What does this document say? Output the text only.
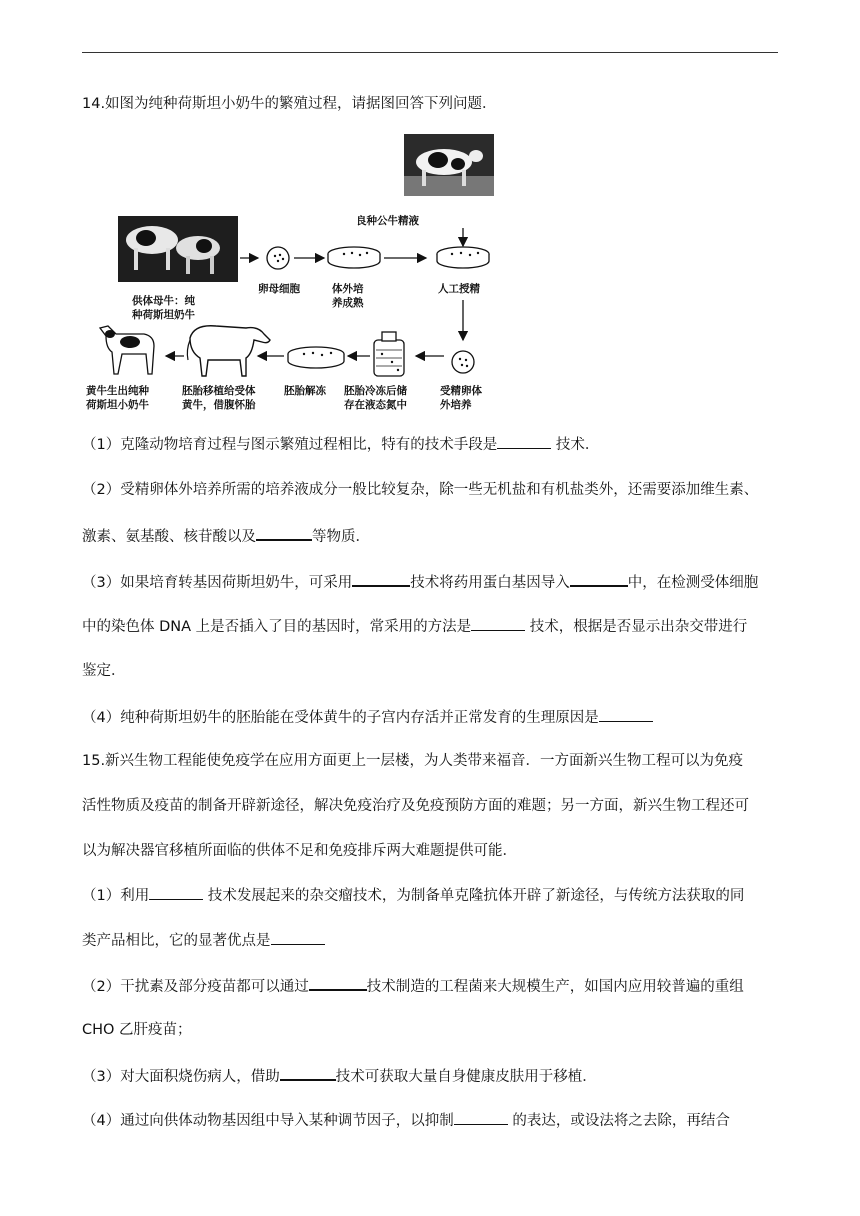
14.如图为纯种荷斯坦小奶牛的繁殖过程，请据图回答下列问题．
良种公牛精液
供体母牛：纯
种荷斯坦奶牛
卵母细胞	体外培
养成熟
人工授精
受精卵体
外培养
胚胎冷冻后储
存在液态氮中
胚胎解冻
胚胎移植给受体
黄牛，借腹怀胎
黄牛生出纯种
荷斯坦小奶牛
（1）克隆动物培育过程与图示繁殖过程相比，特有的技术手段是	技术．
（2）受精卵体外培养所需的培养液成分一般比较复杂，除一些无机盐和有机盐类外，还需要添加维生素、
激素、氨基酸、核苷酸以及	等物质．
（3）如果培育转基因荷斯坦奶牛，可采用	技术将药用蛋白基因导入	中，在检测受体细胞
中的染色体 DNA 上是否插入了目的基因时，常采用的方法是	技术，根据是否显示出杂交带进行
鉴定．
（4）纯种荷斯坦奶牛的胚胎能在受体黄牛的子宫内存活并正常发育的生理原因是
15.新兴生物工程能使免疫学在应用方面更上一层楼，为人类带来福音．一方面新兴生物工程可以为免疫
活性物质及疫苗的制备开辟新途径，解决免疫治疗及免疫预防方面的难题；另一方面，新兴生物工程还可
以为解决器官移植所面临的供体不足和免疫排斥两大难题提供可能．
（1）利用	技术发展起来的杂交瘤技术，为制备单克隆抗体开辟了新途径，与传统方法获取的同
类产品相比，它的显著优点是
（2）干扰素及部分疫苗都可以通过	技术制造的工程菌来大规模生产，如国内应用较普遍的重组
CHO 乙肝疫苗；
（3）对大面积烧伤病人，借助	技术可获取大量自身健康皮肤用于移植．
（4）通过向供体动物基因组中导入某种调节因子，以抑制	的表达，或设法将之去除，再结合
